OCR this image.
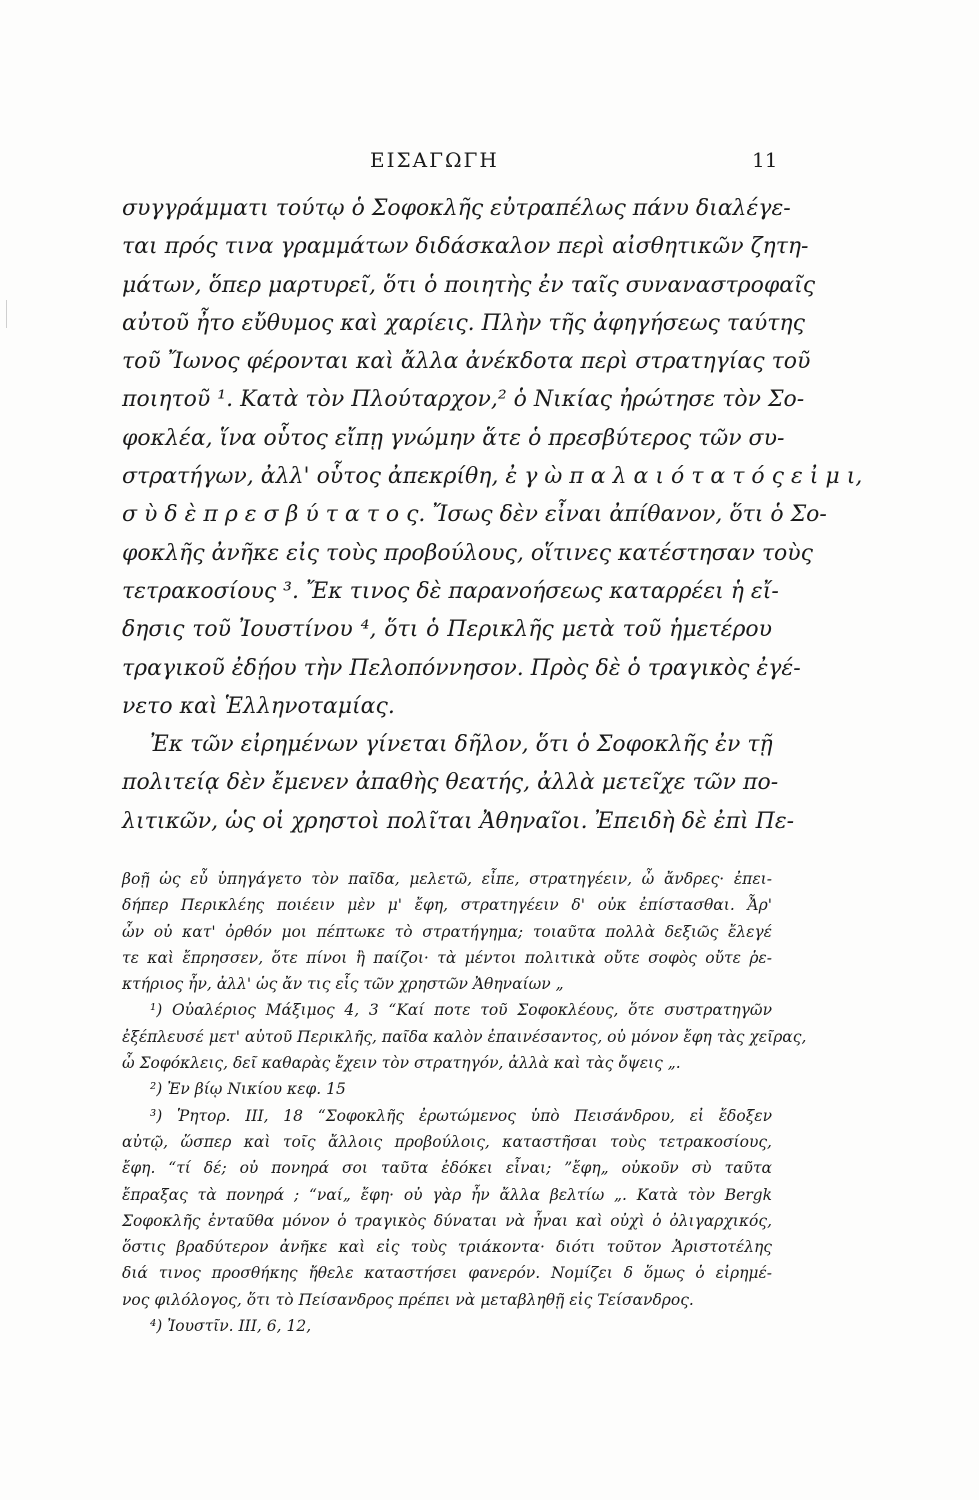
ΕΙΣΑΓΩΓΗ	11
συγγράμματι τούτῳ ὁ Σοφοκλῆς εὐτραπέλως πάνυ διαλέγε-
ται πρός τινα γραμμάτων διδάσκαλον περὶ αἰσθητικῶν ζητη-
μάτων, ὅπερ μαρτυρεῖ, ὅτι ὁ ποιητὴς ἐν ταῖς συναναστροφαῖς
αὐτοῦ ἦτο εὔθυμος καὶ χαρίεις. Πλὴν τῆς ἀφηγήσεως ταύτης
τοῦ Ἴωνος φέρονται καὶ ἄλλα ἀνέκδοτα περὶ στρατηγίας τοῦ
ποιητοῦ ¹. Κατὰ τὸν Πλούταρχον,² ὁ Νικίας ἠρώτησε τὸν Σο-
φοκλέα, ἵνα οὗτος εἴπῃ γνώμην ἅτε ὁ πρεσβύτερος τῶν συ-
στρατήγων, ἀλλ' οὗτος ἀπεκρίθη, ἐ γ ὼ π α λ α ι ό τ α τ ό ς ε ἰ μ ι,
σ ὺ δ ὲ π ρ ε σ β ύ τ α τ ο ς. Ἴσως δὲν εἶναι ἀπίθανον, ὅτι ὁ Σο-
φοκλῆς ἀνῆκε εἰς τοὺς προβούλους, οἵτινες κατέστησαν τοὺς
τετρακοσίους ³. Ἔκ τινος δὲ παρανοήσεως καταρρέει ἡ εἴ-
δησις τοῦ Ἰουστίνου ⁴, ὅτι ὁ Περικλῆς μετὰ τοῦ ἡμετέρου
τραγικοῦ ἐδῄου τὴν Πελοπόννησον. Πρὸς δὲ ὁ τραγικὸς ἐγέ-
νετο καὶ Ἑλληνοταμίας.
Ἐκ τῶν εἰρημένων γίνεται δῆλον, ὅτι ὁ Σοφοκλῆς ἐν τῇ
πολιτείᾳ δὲν ἔμενεν ἀπαθὴς θεατής, ἀλλὰ μετεῖχε τῶν πο-
λιτικῶν, ὡς οἱ χρηστοὶ πολῖται Ἀθηναῖοι. Ἐπειδὴ δὲ ἐπὶ Πε-
βοῇ ὡς εὖ ὑπηγάγετο τὸν παῖδα, μελετῶ, εἶπε, στρατηγέειν, ὦ ἄνδρες· ἐπει-
δήπερ Περικλέης ποιέειν μὲν μ' ἔφη, στρατηγέειν δ' οὐκ ἐπίστασθαι. Ἆρ'
ὦν οὐ κατ' ὀρθόν μοι πέπτωκε τὸ στρατήγημα; τοιαῦτα πολλὰ δεξιῶς ἔλεγέ
τε καὶ ἔπρησσεν, ὅτε πίνοι ἢ παίζοι· τὰ μέντοι πολιτικὰ οὔτε σοφὸς οὔτε ῥε-
κτήριος ἦν, ἀλλ' ὡς ἄν τις εἷς τῶν χρηστῶν Ἀθηναίων „
¹) Οὐαλέριος Μάξιμος 4, 3 “Καί ποτε τοῦ Σοφοκλέους, ὅτε συστρατηγῶν
ἐξέπλευσέ μετ' αὐτοῦ Περικλῆς, παῖδα καλὸν ἐπαινέσαντος, οὐ μόνον ἔφη τὰς χεῖρας,
ὦ Σοφόκλεις, δεῖ καθαρὰς ἔχειν τὸν στρατηγόν, ἀλλὰ καὶ τὰς ὄψεις „.
²) Ἐν βίῳ Νικίου κεφ. 15
³) Ῥητορ. III, 18 “Σοφοκλῆς ἐρωτώμενος ὑπὸ Πεισάνδρου, εἰ ἔδοξεν
αὐτῷ, ὥσπερ καὶ τοῖς ἄλλοις προβούλοις, καταστῆσαι τοὺς τετρακοσίους,
ἔφη. “τί δέ; οὐ πονηρά σοι ταῦτα ἐδόκει εἶναι; ”ἔφη„ οὐκοῦν σὺ ταῦτα
ἔπραξας τὰ πονηρά ; “ναί„ ἔφη· οὐ γὰρ ἦν ἄλλα βελτίω „. Κατὰ τὸν Bergk
Σοφοκλῆς ἐνταῦθα μόνον ὁ τραγικὸς δύναται νὰ ἦναι καὶ οὐχὶ ὁ ὀλιγαρχικός,
ὅστις βραδύτερον ἀνῆκε καὶ εἰς τοὺς τριάκοντα· διότι τοῦτον Ἀριστοτέλης
διά τινος προσθήκης ἤθελε καταστήσει φανερόν. Νομίζει δ ὅμως ὁ εἰρημέ-
νος φιλόλογος, ὅτι τὸ Πείσανδρος πρέπει νὰ μεταβληθῇ εἰς Τείσανδρος.
⁴) Ἰουστῖν. III, 6, 12,
